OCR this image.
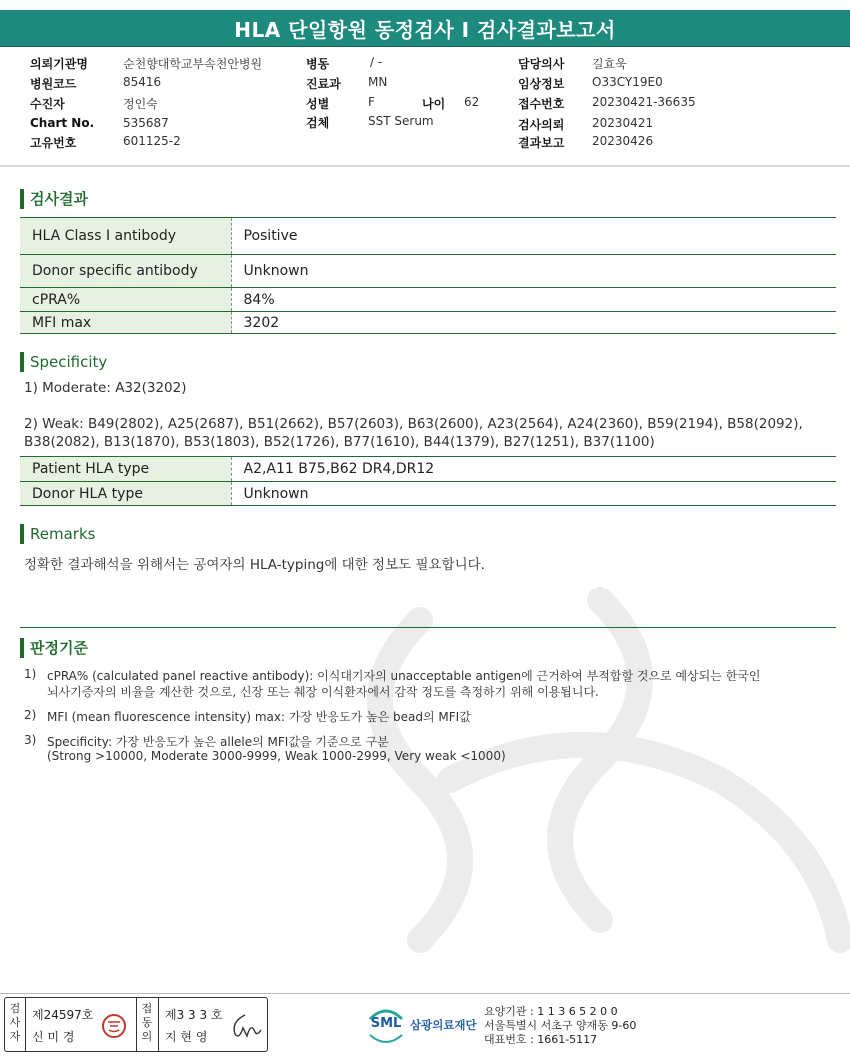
HLA 단일항원 동정검사 I 검사결과보고서
의뢰기관명	순천향대학교부속천안병원
병원코드	85416
수진자	정인숙
Chart No. 535687
고유번호	601125-2
병동	/ -
진료과 MN
성별	F	나이 62
검체	SST Serum
담당의사 길효욱
임상정보 O33CY19E0
접수번호 20230421-36635
검사의뢰 20230421
결과보고 20230426
검사결과
HLA Class I antibody	Positive
Donor specific antibody	Unknown
cPRA%	84%
MFI max	3202
Specificity
1) Moderate: A32(3202)
2) Weak: B49(2802), A25(2687), B51(2662), B57(2603), B63(2600), A23(2564), A24(2360), B59(2194), B58(2092),
B38(2082), B13(1870), B53(1803), B52(1726), B77(1610), B44(1379), B27(1251), B37(1100)
Patient HLA type	A2,A11 B75,B62 DR4,DR12
Donor HLA type	Unknown
Remarks
정확한 결과해석을 위해서는 공여자의 HLA-typing에 대한 정보도 필요합니다.
판정기준
1) cPRA% (calculated panel reactive antibody): 이식대기자의 unacceptable antigen에 근거하여 부적합할 것으로 예상되는 한국인
뇌사기증자의 비율을 계산한 것으로, 신장 또는 췌장 이식환자에서 감작 정도를 측정하기 위해 이용됩니다.
2) MFI (mean fluorescence intensity) max: 가장 반응도가 높은 bead의 MFI값
3) Specificity: 가장 반응도가 높은 allele의 MFI값을 기준으로 구분
(Strong >10000, Moderate 3000-9999, Weak 1000-2999, Very weak <1000)
검사자
제24597호
신 미 경
접동의
제3 3 3 호
지 현 영
SML 삼광의료재단
요양기관 : 1 1 3 6 5 2 0 0
서울특별시 서초구 양재동 9-60
대표번호 : 1661-5117
